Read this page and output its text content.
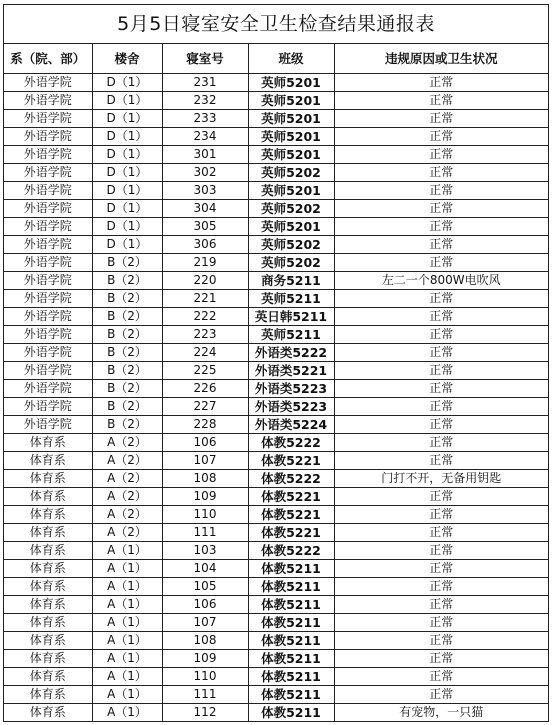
5月5日寝室安全卫生检查结果通报表
系（院、部）	楼舍	寝室号	班级	违规原因或卫生状况
外语学院	D（1）	231	英师5201	正常
外语学院	D（1）	232	英师5201	正常
外语学院	D（1）	233	英师5201	正常
外语学院	D（1）	234	英师5201	正常
外语学院	D（1）	301	英师5201	正常
外语学院	D（1）	302	英师5202	正常
外语学院	D（1）	303	英师5201	正常
外语学院	D（1）	304	英师5202	正常
外语学院	D（1）	305	英师5201	正常
外语学院	D（1）	306	英师5202	正常
外语学院	B（2）	219	英师5202	正常
外语学院	B（2）	220	商务5211	左二一个800W电吹风
外语学院	B（2）	221	英师5211	正常
外语学院	B（2）	222	英日韩5211	正常
外语学院	B（2）	223	英师5211	正常
外语学院	B（2）	224	外语类5222	正常
外语学院	B（2）	225	外语类5221	正常
外语学院	B（2）	226	外语类5223	正常
外语学院	B（2）	227	外语类5223	正常
外语学院	B（2）	228	外语类5224	正常
体育系	A（2）	106	体教5222	正常
体育系	A（2）	107	体教5221	正常
体育系	A（2）	108	体教5222	门打不开，无备用钥匙
体育系	A（2）	109	体教5221	正常
体育系	A（2）	110	体教5221	正常
体育系	A（2）	111	体教5221	正常
体育系	A（1）	103	体教5222	正常
体育系	A（1）	104	体教5211	正常
体育系	A（1）	105	体教5211	正常
体育系	A（1）	106	体教5211	正常
体育系	A（1）	107	体教5211	正常
体育系	A（1）	108	体教5211	正常
体育系	A（1）	109	体教5211	正常
体育系	A（1）	110	体教5211	正常
体育系	A（1）	111	体教5211	正常
体育系	A（1）	112	体教5211	有宠物，一只猫
